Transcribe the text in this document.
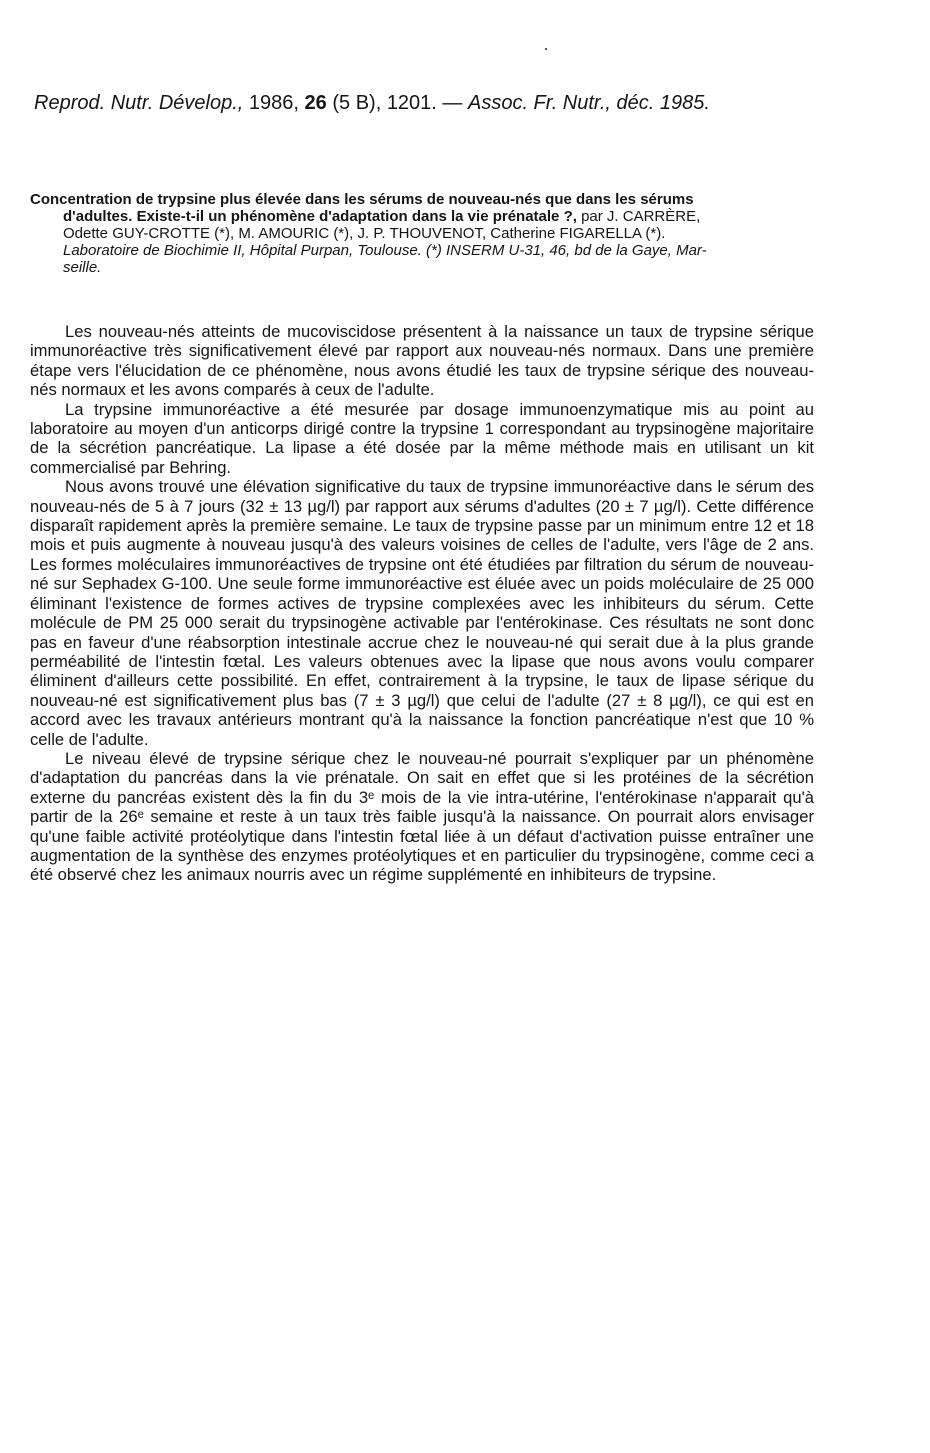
Reprod. Nutr. Dévelop., 1986, 26 (5 B), 1201. — Assoc. Fr. Nutr., déc. 1985.

Concentration de trypsine plus élevée dans les sérums de nouveau-nés que dans les sérums

d'adultes. Existe-t-il un phénomène d'adaptation dans la vie prénatale ?, par J. CARRÈRE,

Odette GUY-CROTTE (*), M. AMOURIC (*), J. P. THOUVENOT, Catherine FIGARELLA (*).

Laboratoire de Biochimie II, Hôpital Purpan, Toulouse. (*) INSERM U-31, 46, bd de la Gaye, Mar-

seille.

Les nouveau-nés atteints de mucoviscidose présentent à la naissance un taux de trypsine sérique immunoréactive très significativement élevé par rapport aux nouveau-nés normaux. Dans une première étape vers l'élucidation de ce phénomène, nous avons étudié les taux de trypsine sérique des nouveau-nés normaux et les avons comparés à ceux de l'adulte.

La trypsine immunoréactive a été mesurée par dosage immunoenzymatique mis au point au laboratoire au moyen d'un anticorps dirigé contre la trypsine 1 correspondant au trypsinogène majoritaire de la sécrétion pancréatique. La lipase a été dosée par la même méthode mais en utilisant un kit commercialisé par Behring.

Nous avons trouvé une élévation significative du taux de trypsine immunoréactive dans le sérum des nouveau-nés de 5 à 7 jours (32 ± 13 µg/l) par rapport aux sérums d'adultes (20 ± 7 µg/l). Cette différence disparaît rapidement après la première semaine. Le taux de trypsine passe par un minimum entre 12 et 18 mois et puis augmente à nouveau jusqu'à des valeurs voisines de celles de l'adulte, vers l'âge de 2 ans. Les formes moléculaires immunoréactives de trypsine ont été étudiées par filtration du sérum de nouveau-né sur Sephadex G-100. Une seule forme immunoréactive est éluée avec un poids moléculaire de 25 000 éliminant l'existence de formes actives de trypsine complexées avec les inhibiteurs du sérum. Cette molécule de PM 25 000 serait du trypsinogène activable par l'entérokinase. Ces résultats ne sont donc pas en faveur d'une réabsorption intestinale accrue chez le nouveau-né qui serait due à la plus grande perméabilité de l'intestin fœtal. Les valeurs obtenues avec la lipase que nous avons voulu comparer éliminent d'ailleurs cette possibilité. En effet, contrairement à la trypsine, le taux de lipase sérique du nouveau-né est significativement plus bas (7 ± 3 µg/l) que celui de l'adulte (27 ± 8 µg/l), ce qui est en accord avec les travaux antérieurs montrant qu'à la naissance la fonction pancréatique n'est que 10 % celle de l'adulte.

Le niveau élevé de trypsine sérique chez le nouveau-né pourrait s'expliquer par un phénomène d'adaptation du pancréas dans la vie prénatale. On sait en effet que si les protéines de la sécrétion externe du pancréas existent dès la fin du 3ᵉ mois de la vie intra-utérine, l'entérokinase n'apparait qu'à partir de la 26ᵉ semaine et reste à un taux très faible jusqu'à la naissance. On pourrait alors envisager qu'une faible activité protéolytique dans l'intestin fœtal liée à un défaut d'activation puisse entraîner une augmentation de la synthèse des enzymes protéolytiques et en particulier du trypsinogène, comme ceci a été observé chez les animaux nourris avec un régime supplémenté en inhibiteurs de trypsine.
